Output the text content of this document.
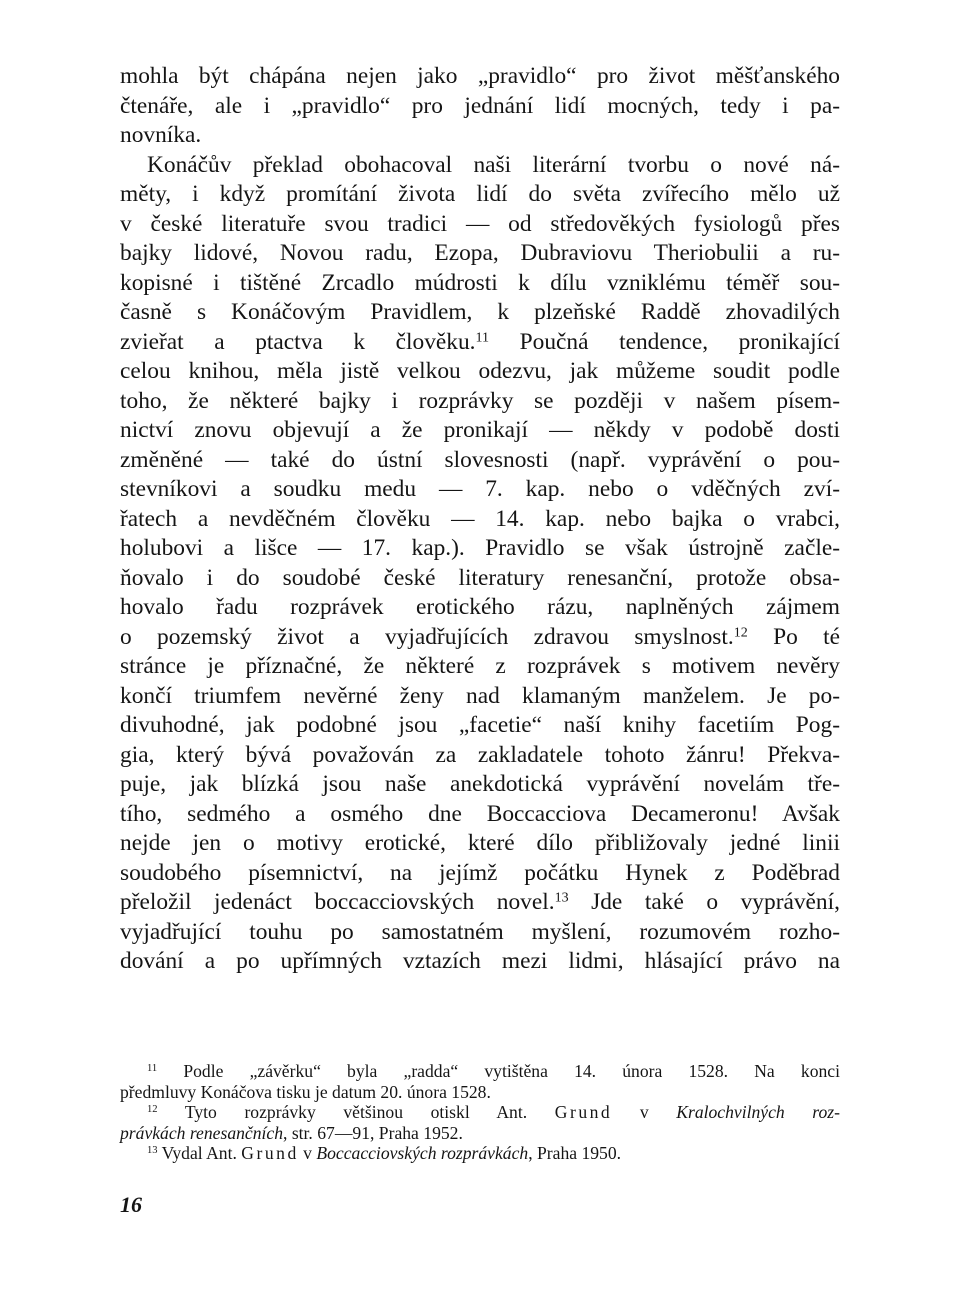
mohla být chápána nejen jako „pravidlo“ pro život měšťanského
čtenáře, ale i „pravidlo“ pro jednání lidí mocných, tedy i pa-
novníka.
Konáčův překlad obohacoval naši literární tvorbu o nové ná-
měty, i když promítání života lidí do světa zvířecího mělo už
v české literatuře svou tradici — od středověkých fysiologů přes
bajky lidové, Novou radu, Ezopa, Dubraviovu Theriobulii a ru-
kopisné i tištěné Zrcadlo múdrosti k dílu vzniklému téměř sou-
časně s Konáčovým Pravidlem, k plzeňské Raddě zhovadilých
zvieřat a ptactva k člověku.$^{11}$ Poučná tendence, pronikající
celou knihou, měla jistě velkou odezvu, jak můžeme soudit podle
toho, že některé bajky i rozprávky se později v našem písem-
nictví znovu objevují a že pronikají — někdy v podobě dosti
změněné — také do ústní slovesnosti (např. vyprávění o pou-
stevníkovi a soudku medu — 7. kap. nebo o vděčných zví-
řatech a nevděčném člověku — 14. kap. nebo bajka o vrabci,
holubovi a lišce — 17. kap.). Pravidlo se však ústrojně začle-
ňovalo i do soudobé české literatury renesanční, protože obsa-
hovalo řadu rozprávek erotického rázu, naplněných zájmem
o pozemský život a vyjadřujících zdravou smyslnost.$^{12}$ Po té
stránce je příznačné, že některé z rozprávek s motivem nevěry
končí triumfem nevěrné ženy nad klamaným manželem. Je po-
divuhodné, jak podobné jsou „facetie“ naší knihy facetiím Pog-
gia, který bývá považován za zakladatele tohoto žánru! Překva-
puje, jak blízká jsou naše anekdotická vyprávění novelám tře-
tího, sedmého a osmého dne Boccacciova Decameronu! Avšak
nejde jen o motivy erotické, které dílo přibližovaly jedné linii
soudobého písemnictví, na jejímž počátku Hynek z Poděbrad
přeložil jedenáct boccacciovských novel.$^{13}$ Jde také o vyprávění,
vyjadřující touhu po samostatném myšlení, rozumovém rozho-
dování a po upřímných vztazích mezi lidmi, hlásající právo na
$^{11}$ Podle „závěrku“ byla „radda“ vytištěna 14. února 1528. Na konci
předmluvy Konáčova tisku je datum 20. února 1528.
$^{12}$ Tyto rozprávky většinou otiskl Ant. Grund v Kralochvilných roz-
právkách renesančních, str. 67—91, Praha 1952.
$^{13}$ Vydal Ant. Grund v Boccacciovských rozprávkách, Praha 1950.
16
